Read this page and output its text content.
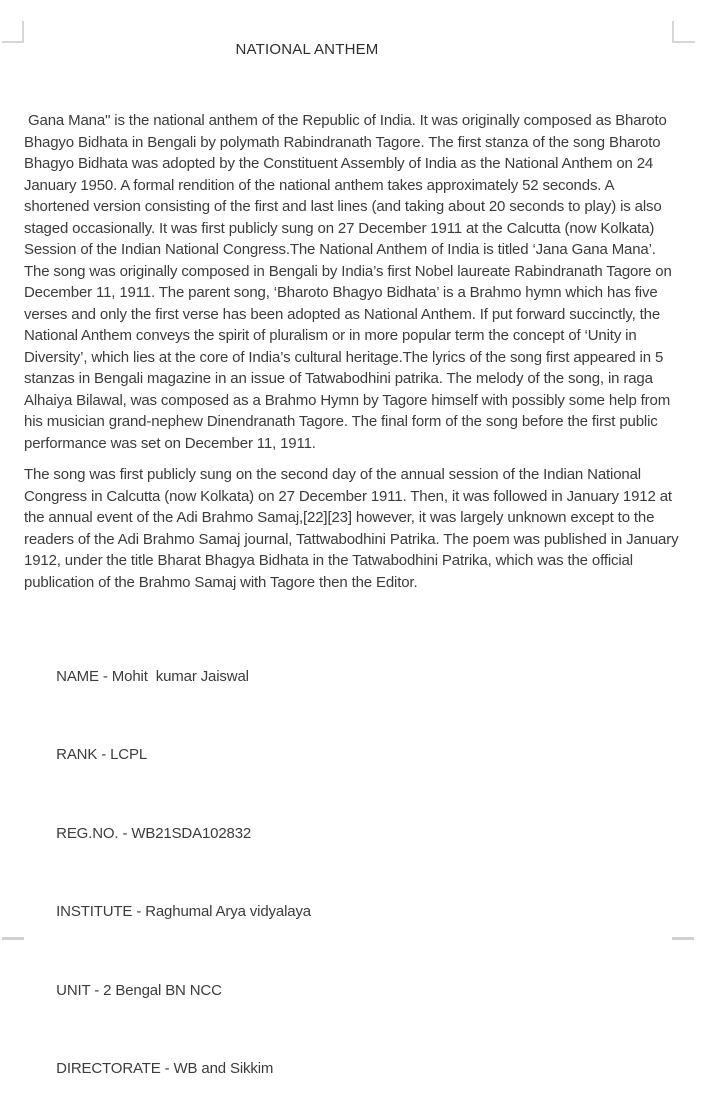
NATIONAL ANTHEM

Gana Mana" is the national anthem of the Republic of India. It was originally composed as Bharoto Bhagyo Bidhata in Bengali by polymath Rabindranath Tagore. The first stanza of the song Bharoto Bhagyo Bidhata was adopted by the Constituent Assembly of India as the National Anthem on 24 January 1950. A formal rendition of the national anthem takes approximately 52 seconds. A shortened version consisting of the first and last lines (and taking about 20 seconds to play) is also staged occasionally. It was first publicly sung on 27 December 1911 at the Calcutta (now Kolkata) Session of the Indian National Congress.The National Anthem of India is titled ‘Jana Gana Mana’. The song was originally composed in Bengali by India’s first Nobel laureate Rabindranath Tagore on December 11, 1911. The parent song, ‘Bharoto Bhagyo Bidhata’ is a Brahmo hymn which has five verses and only the first verse has been adopted as National Anthem. If put forward succinctly, the National Anthem conveys the spirit of pluralism or in more popular term the concept of ‘Unity in Diversity’, which lies at the core of India’s cultural heritage.The lyrics of the song first appeared in 5 stanzas in Bengali magazine in an issue of Tatwabodhini patrika. The melody of the song, in raga Alhaiya Bilawal, was composed as a Brahmo Hymn by Tagore himself with possibly some help from his musician grand-nephew Dinendranath Tagore. The final form of the song before the first public performance was set on December 11, 1911.

The song was first publicly sung on the second day of the annual session of the Indian National Congress in Calcutta (now Kolkata) on 27 December 1911. Then, it was followed in January 1912 at the annual event of the Adi Brahmo Samaj,[22][23] however, it was largely unknown except to the readers of the Adi Brahmo Samaj journal, Tattwabodhini Patrika. The poem was published in January 1912, under the title Bharat Bhagya Bidhata in the Tatwabodhini Patrika, which was the official publication of the Brahmo Samaj with Tagore then the Editor.

NAME - Mohit  kumar Jaiswal

RANK - LCPL

REG.NO. - WB21SDA102832

INSTITUTE - Raghumal Arya vidyalaya

UNIT - 2 Bengal BN NCC

DIRECTORATE - WB and Sikkim
